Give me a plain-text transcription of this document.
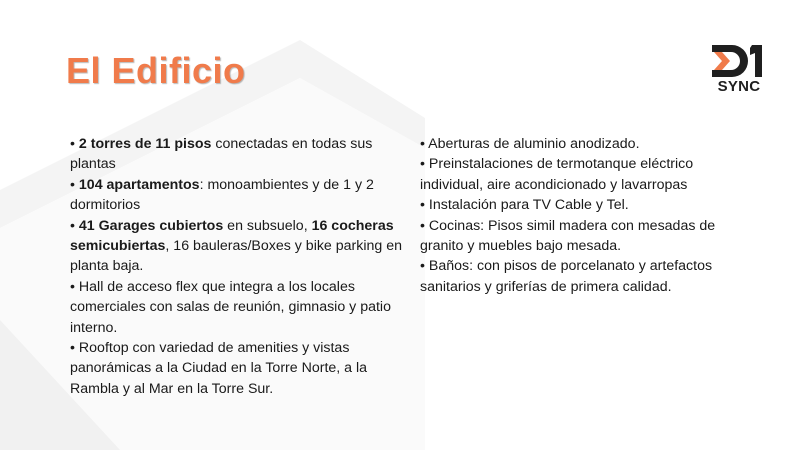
El Edificio	SYNC

• 2 torres de 11 pisos conectadas en todas sus plantas

• 104 apartamentos: monoambientes y de 1 y 2 dormitorios

• 41 Garages cubiertos en subsuelo, 16 cocheras semicubiertas, 16 bauleras/Boxes y bike parking en planta baja.

• Hall de acceso flex que integra a los locales comerciales con salas de reunión, gimnasio y patio interno.

• Rooftop con variedad de amenities y vistas panorámicas a la Ciudad en la Torre Norte, a la Rambla y al Mar en la Torre Sur.

• Aberturas de aluminio anodizado.

• Preinstalaciones de termotanque eléctrico individual, aire acondicionado y lavarropas

• Instalación para TV Cable y Tel.

• Cocinas: Pisos simil madera con mesadas de granito y muebles bajo mesada.

• Baños: con pisos de porcelanato y artefactos sanitarios y griferías de primera calidad.
